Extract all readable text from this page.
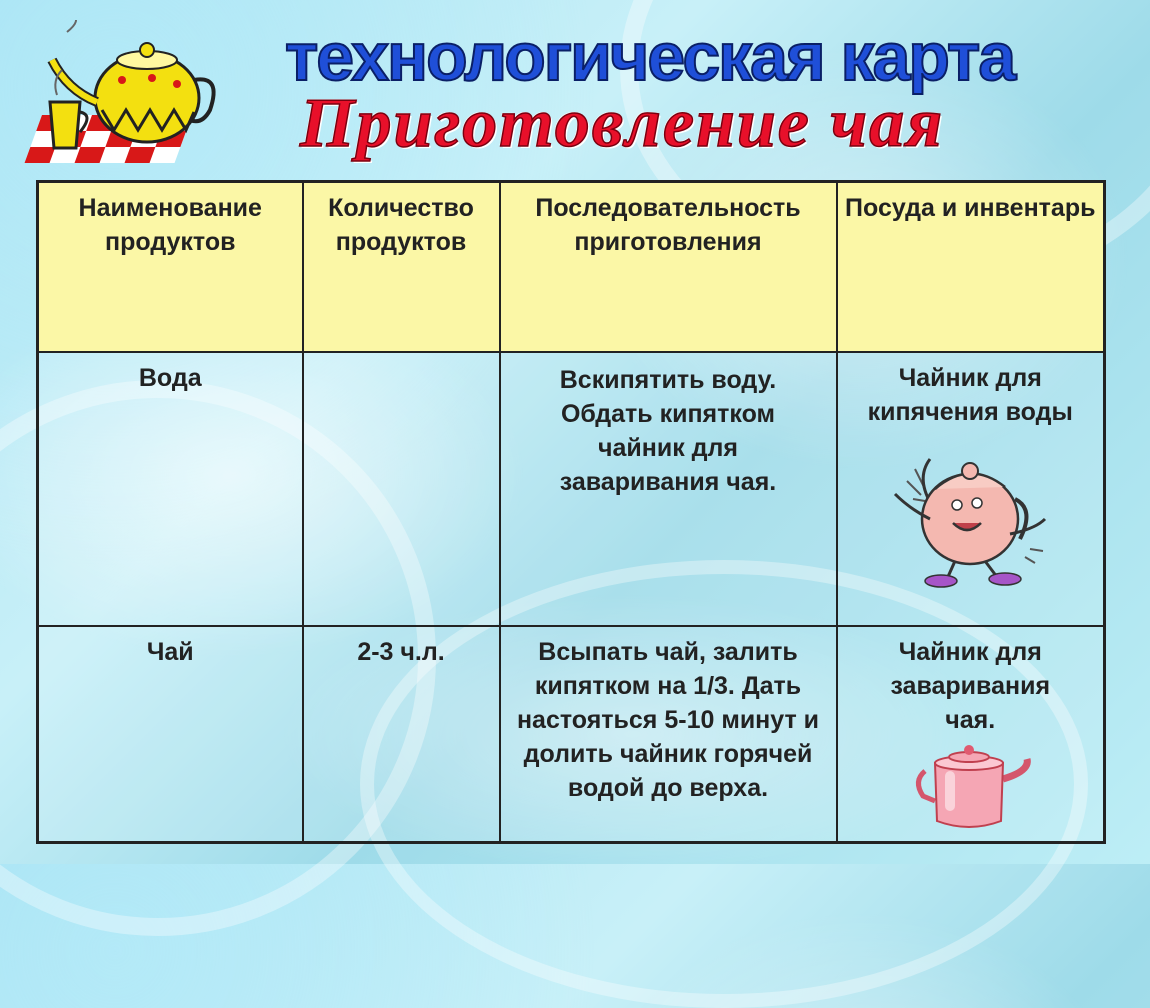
технологическая карта
Приготовление чая
Наименование продуктов	Количество продуктов	Последовательность приготовления	Посуда и инвентарь
Вода		Вскипятить воду. Обдать кипятком чайник для заваривания чая.	Чайник для кипячения воды

Чай	2-3 ч.л.	Всыпать чай, залить кипятком на 1/3. Дать настояться 5-10 минут и долить чайник горячей водой до верха.	Чайник для заваривания чая.
